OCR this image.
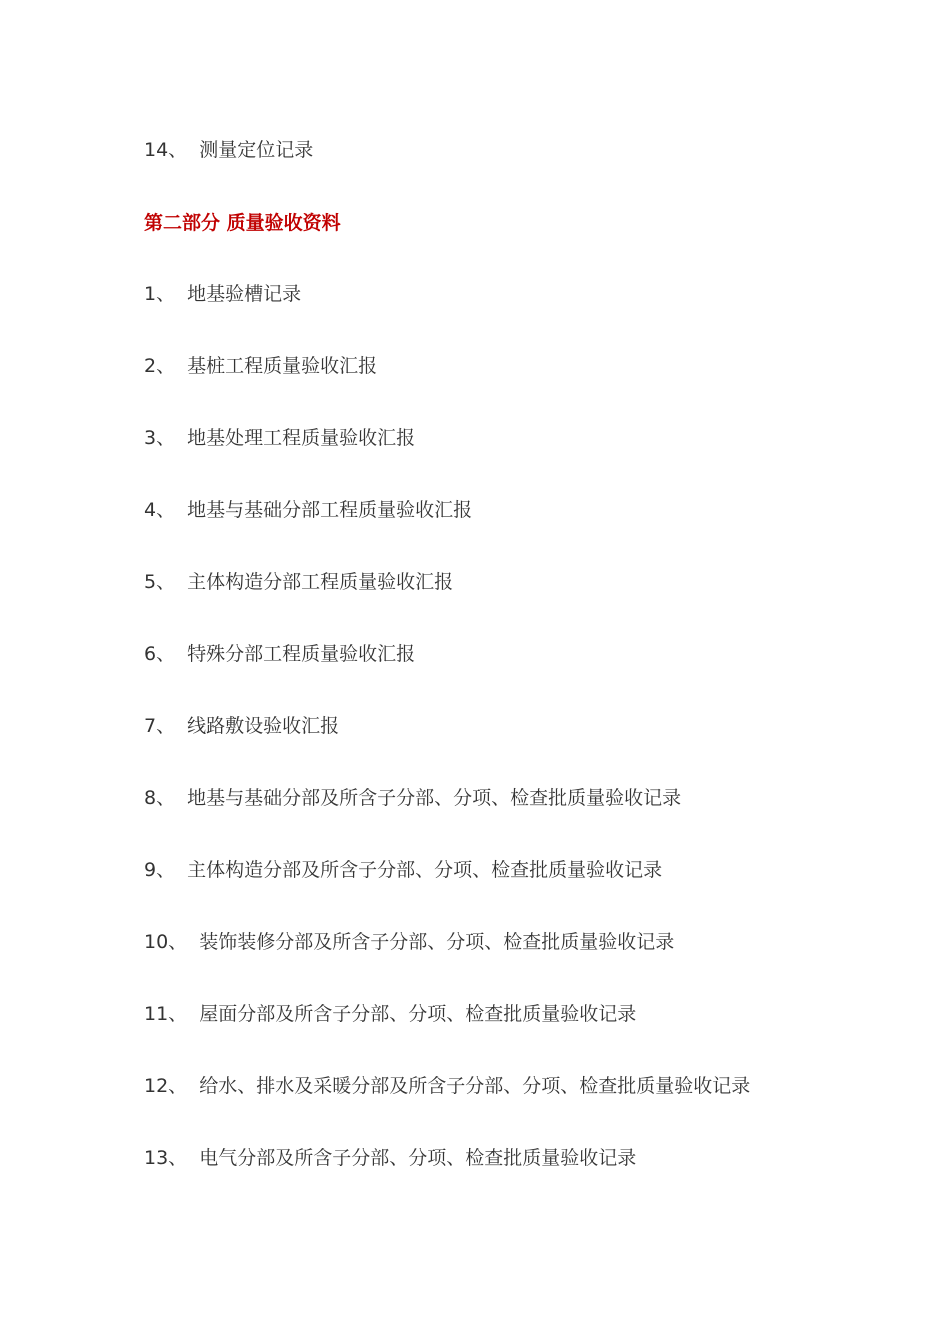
14、 测量定位记录
第二部分 质量验收资料
1、 地基验槽记录
2、 基桩工程质量验收汇报
3、 地基处理工程质量验收汇报
4、 地基与基础分部工程质量验收汇报
5、 主体构造分部工程质量验收汇报
6、 特殊分部工程质量验收汇报
7、 线路敷设验收汇报
8、 地基与基础分部及所含子分部、分项、检查批质量验收记录
9、 主体构造分部及所含子分部、分项、检查批质量验收记录
10、 装饰装修分部及所含子分部、分项、检查批质量验收记录
11、 屋面分部及所含子分部、分项、检查批质量验收记录
12、 给水、排水及采暖分部及所含子分部、分项、检查批质量验收记录
13、 电气分部及所含子分部、分项、检查批质量验收记录
